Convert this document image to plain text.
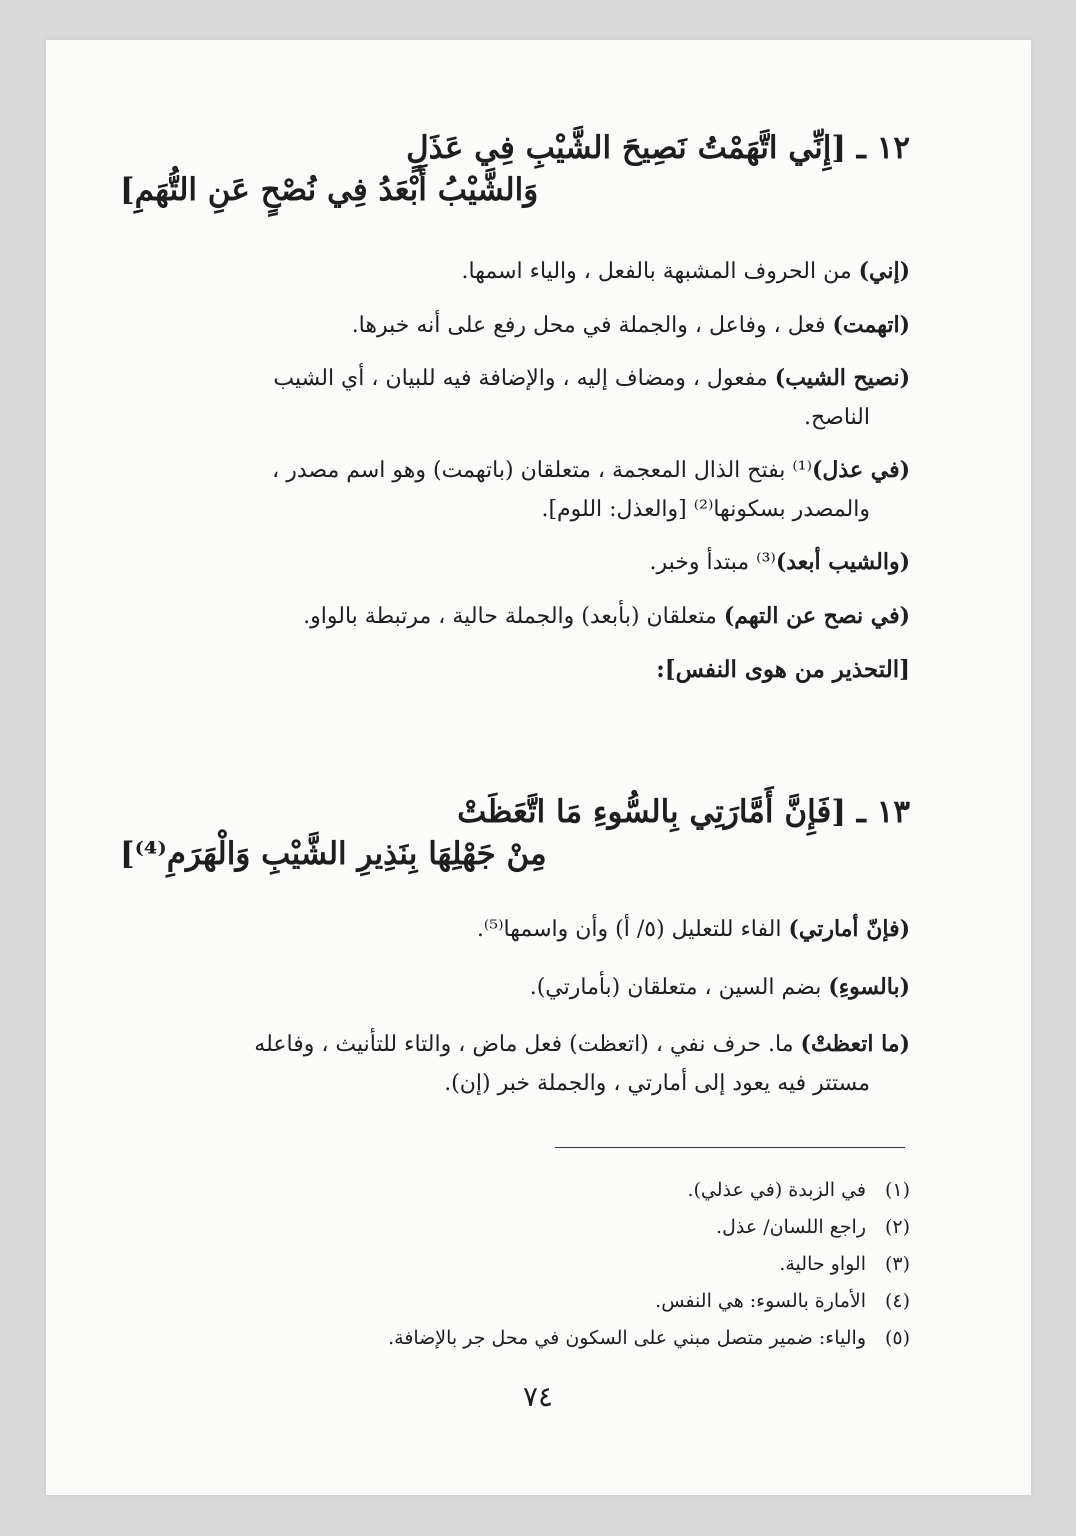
١٢ ـ [إِنِّي اتَّهَمْتُ نَصِيحَ الشَّيْبِ فِي عَذَلٍ
وَالشَّيْبُ أَبْعَدُ فِي نُصْحٍ عَنِ التُّهَمِ]

(إني) من الحروف المشبهة بالفعل ، والياء اسمها.

(اتهمت) فعل ، وفاعل ، والجملة في محل رفع على أنه خبرها.

(نصيح الشيب) مفعول ، ومضاف إليه ، والإضافة فيه للبيان ، أي الشيب

الناصح.

(في عذل)⁽¹⁾ بفتح الذال المعجمة ، متعلقان (باتهمت) وهو اسم مصدر ،

والمصدر بسكونها⁽²⁾ [والعذل: اللوم].

(والشيب أبعد)⁽³⁾ مبتدأ وخبر.

(في نصح عن التهم) متعلقان (بأبعد) والجملة حالية ، مرتبطة بالواو.

[التحذير من هوى النفس]:

١٣ ـ [فَإِنَّ أَمَّارَتِي بِالسُّوءِ مَا اتَّعَظَتْ
مِنْ جَهْلِهَا بِنَذِيرِ الشَّيْبِ وَالْهَرَمِ⁽⁴⁾]

(فإنّ أمارتي) الفاء للتعليل (٥/ أ) وأن واسمها⁽⁵⁾.

(بالسوءِ) بضم السين ، متعلقان (بأمارتي).

(ما اتعظتْ) ما. حرف نفي ، (اتعظت) فعل ماض ، والتاء للتأنيث ، وفاعله

مستتر فيه يعود إلى أمارتي ، والجملة خبر (إن).

(١)
في الزبدة (في عذلي).
(٢)
راجع اللسان/ عذل.
(٣)
الواو حالية.
(٤)
الأمارة بالسوء: هي النفس.
(٥)
والياء: ضمير متصل مبني على السكون في محل جر بالإضافة.
٧٤
